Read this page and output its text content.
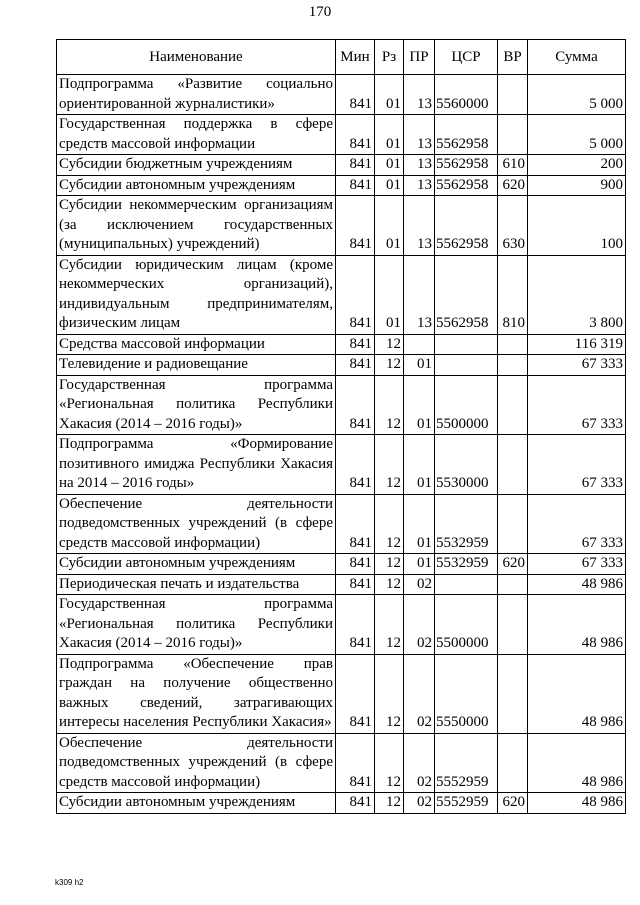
170
Наименование	Мин	Рз	ПР	ЦСР	ВР	Сумма
Подпрограмма «Развитие социально ориентированной журналистики»	841	01	13	5560000		5 000
Государственная поддержка в сфере средств массовой информации	841	01	13	5562958		5 000
Субсидии бюджетным учреждениям	841	01	13	5562958	610	200
Субсидии автономным учреждениям	841	01	13	5562958	620	900
Субсидии некоммерческим организациям (за исключением государственных (муниципальных) учреждений)	841	01	13	5562958	630	100
Субсидии юридическим лицам (кроме некоммерческих организаций), индивидуальным предпринимателям, физическим лицам	841	01	13	5562958	810	3 800
Средства массовой информации	841	12				116 319
Телевидение и радиовещание	841	12	01			67 333
Государственная программа «Региональная политика Республики Хакасия (2014 – 2016 годы)»	841	12	01	5500000		67 333
Подпрограмма «Формирование позитивного имиджа Республики Хакасия на 2014 – 2016 годы»	841	12	01	5530000		67 333
Обеспечение деятельности подведомственных учреждений (в сфере средств массовой информации)	841	12	01	5532959		67 333
Субсидии автономным учреждениям	841	12	01	5532959	620	67 333
Периодическая печать и издательства	841	12	02			48 986
Государственная программа «Региональная политика Республики Хакасия (2014 – 2016 годы)»	841	12	02	5500000		48 986
Подпрограмма «Обеспечение прав граждан на получение общественно важных сведений, затрагивающих интересы населения Республики Хакасия»	841	12	02	5550000		48 986
Обеспечение деятельности подведомственных учреждений (в сфере средств массовой информации)	841	12	02	5552959		48 986
Субсидии автономным учреждениям	841	12	02	5552959	620	48 986
k309 h2
